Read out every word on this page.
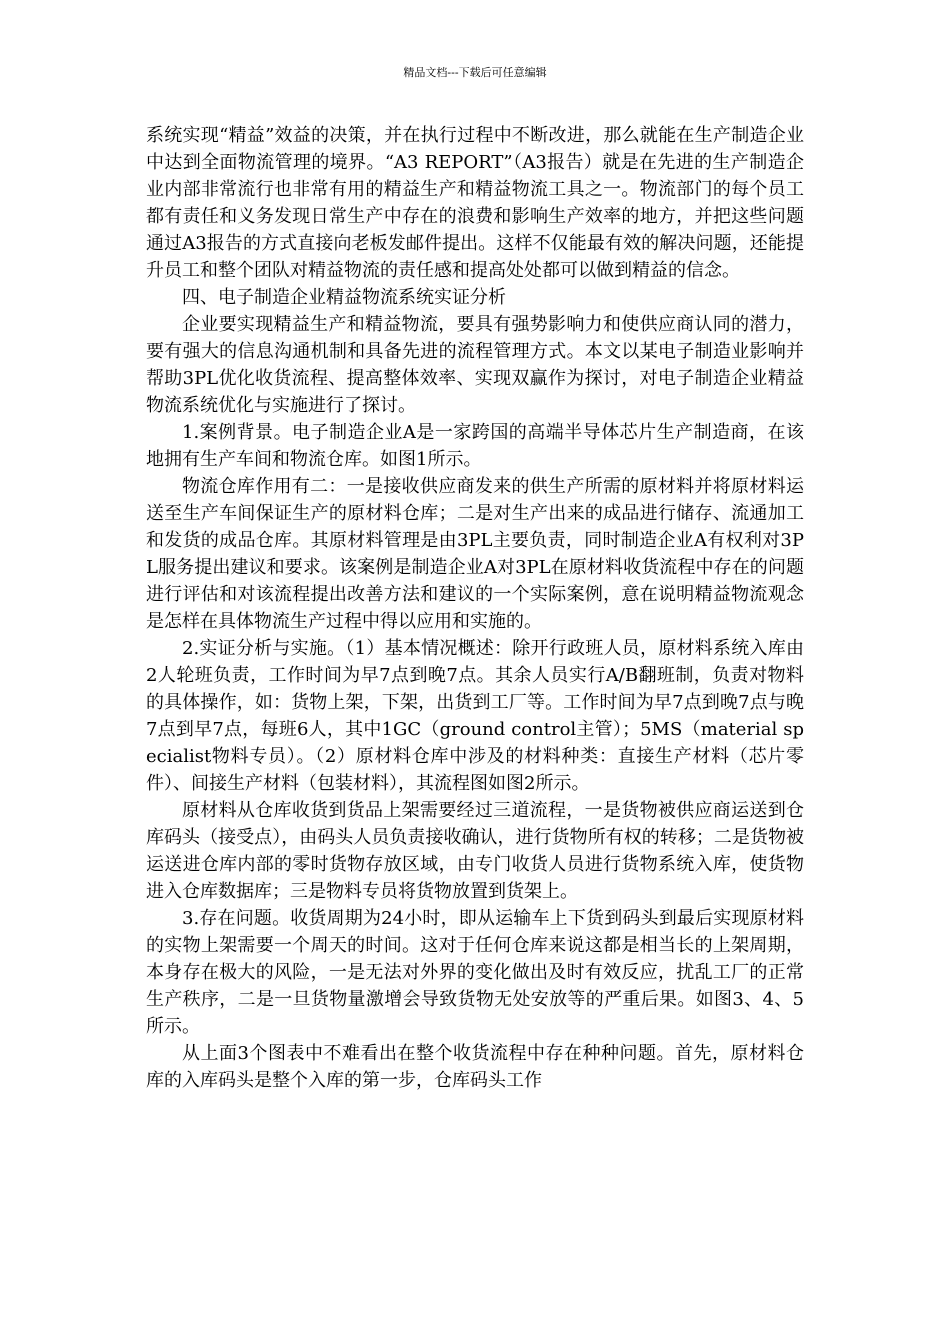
精品文档---下载后可任意编辑

系统实现“精益”效益的决策，并在执行过程中不断改进，那么就能在生产制造企业中达到全面物流管理的境界。“A3 REPORT”（A3报告）就是在先进的生产制造企业内部非常流行也非常有用的精益生产和精益物流工具之一。物流部门的每个员工都有责任和义务发现日常生产中存在的浪费和影响生产效率的地方，并把这些问题通过A3报告的方式直接向老板发邮件提出。这样不仅能最有效的解决问题，还能提升员工和整个团队对精益物流的责任感和提高处处都可以做到精益的信念。

四、电子制造企业精益物流系统实证分析

企业要实现精益生产和精益物流，要具有强势影响力和使供应商认同的潜力，要有强大的信息沟通机制和具备先进的流程管理方式。本文以某电子制造业影响并帮助3PL优化收货流程、提高整体效率、实现双赢作为探讨，对电子制造企业精益物流系统优化与实施进行了探讨。

1.案例背景。电子制造企业A是一家跨国的高端半导体芯片生产制造商，在该地拥有生产车间和物流仓库。如图1所示。

物流仓库作用有二：一是接收供应商发来的供生产所需的原材料并将原材料运送至生产车间保证生产的原材料仓库；二是对生产出来的成品进行储存、流通加工和发货的成品仓库。其原材料管理是由3PL主要负责，同时制造企业A有权利对3PL服务提出建议和要求。该案例是制造企业A对3PL在原材料收货流程中存在的问题进行评估和对该流程提出改善方法和建议的一个实际案例，意在说明精益物流观念是怎样在具体物流生产过程中得以应用和实施的。

2.实证分析与实施。（1）基本情况概述：除开行政班人员，原材料系统入库由2人轮班负责，工作时间为早7点到晚7点。其余人员实行A/B翻班制，负责对物料的具体操作，如：货物上架，下架，出货到工厂等。工作时间为早7点到晚7点与晚7点到早7点，每班6人，其中1GC（ground control主管）；5MS（material specialist物料专员）。（2）原材料仓库中涉及的材料种类：直接生产材料（芯片零件）、间接生产材料（包装材料），其流程图如图2所示。

原材料从仓库收货到货品上架需要经过三道流程，一是货物被供应商运送到仓库码头（接受点），由码头人员负责接收确认，进行货物所有权的转移；二是货物被运送进仓库内部的零时货物存放区域，由专门收货人员进行货物系统入库，使货物进入仓库数据库；三是物料专员将货物放置到货架上。

3.存在问题。收货周期为24小时，即从运输车上下货到码头到最后实现原材料的实物上架需要一个周天的时间。这对于任何仓库来说这都是相当长的上架周期，本身存在极大的风险，一是无法对外界的变化做出及时有效反应，扰乱工厂的正常生产秩序，二是一旦货物量激增会导致货物无处安放等的严重后果。如图3、4、5所示。

从上面3个图表中不难看出在整个收货流程中存在种种问题。首先，原材料仓库的入库码头是整个入库的第一步，仓库码头工作
